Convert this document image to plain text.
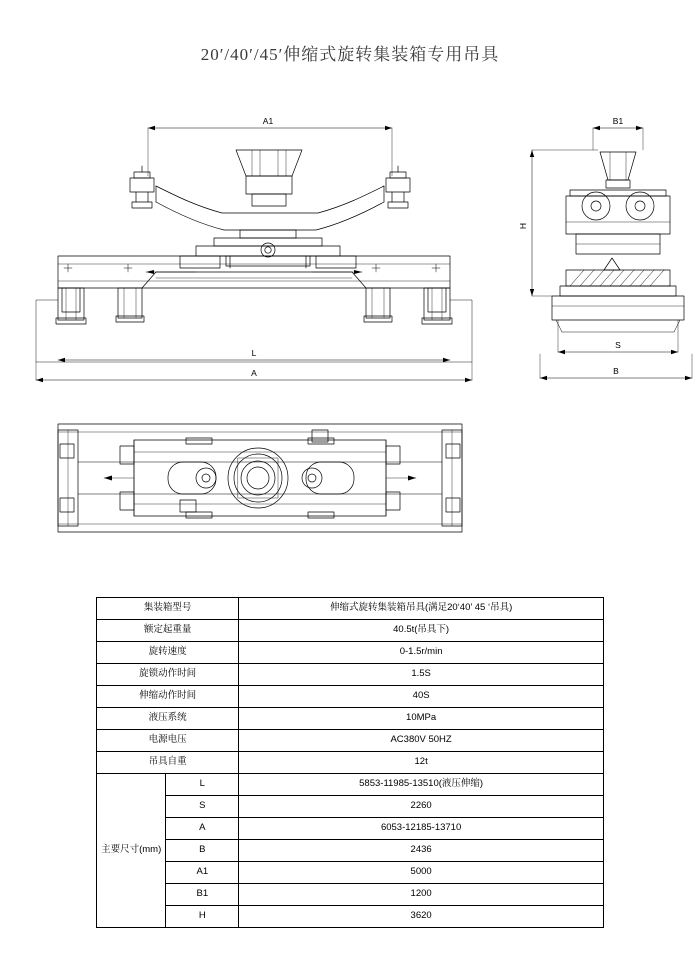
20′/40′/45′伸缩式旋转集装箱专用吊具
A1
L
A
B1
H
S
B
集装箱型号		伸缩式旋转集装箱吊具(满足20‘40’ 45 ‘吊具)
额定起重量		40.5t(吊具下)
旋转速度		0-1.5r/min
旋锁动作时间		1.5S
伸缩动作时间		40S
液压系统		10MPa
电源电压		AC380V 50HZ
吊具自重		12t
主要尺寸(mm)	L	5853-11985-13510(液压伸缩)
	S	2260
	A	6053-12185-13710
	B	2436
	A1	5000
	B1	1200
	H	3620
